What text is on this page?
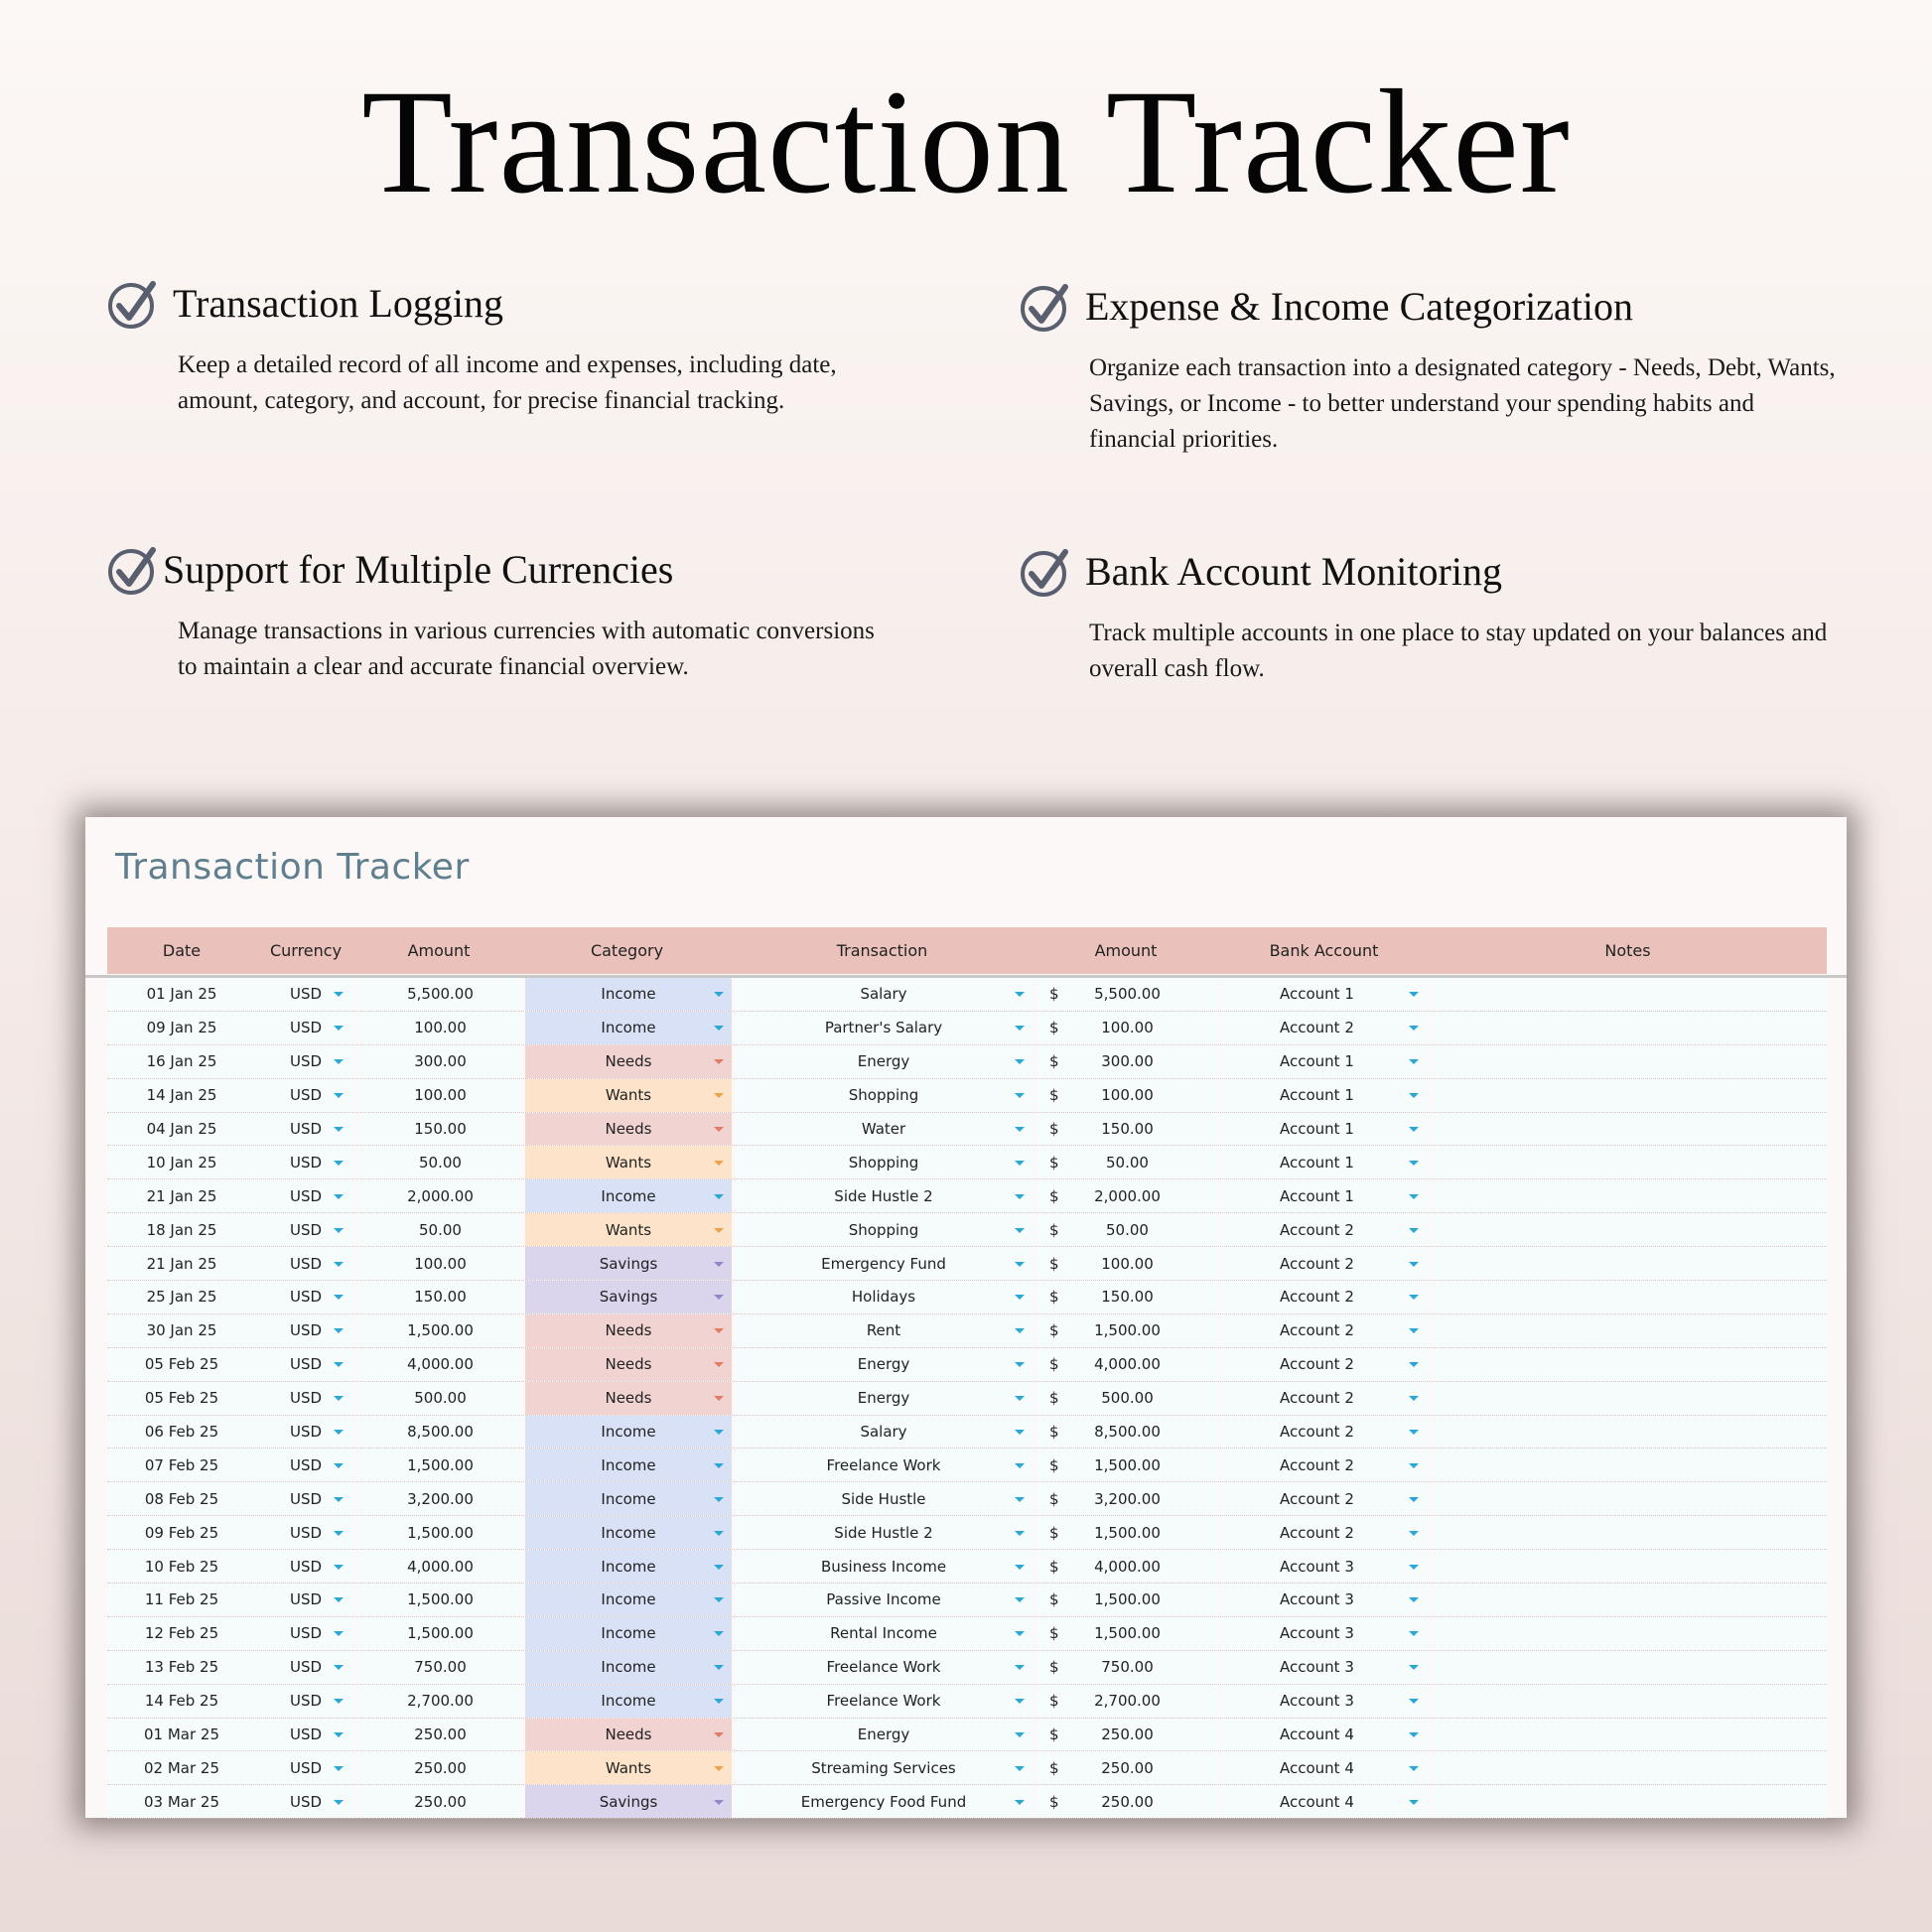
Transaction Tracker
Transaction Logging
Keep a detailed record of all income and expenses, including date, amount, category, and account, for precise financial tracking.
Expense & Income Categorization
Organize each transaction into a designated category - Needs, Debt, Wants, Savings, or Income - to better understand your spending habits and financial priorities.
Support for Multiple Currencies
Manage transactions in various currencies with automatic conversions to maintain a clear and accurate financial overview.
Bank Account Monitoring
Track multiple accounts in one place to stay updated on your balances and overall cash flow.
Transaction Tracker
Date	Currency	Amount	Category	Transaction	Amount	Bank Account	Notes
01 Jan 25	USD	5,500.00	Income	Salary	$ 5,500.00	Account 1
09 Jan 25	USD	100.00	Income	Partner's Salary	$	100.00	Account 2
16 Jan 25	USD	300.00	Needs	Energy	$	300.00	Account 1
14 Jan 25	USD	100.00	Wants	Shopping	$	100.00	Account 1
04 Jan 25	USD	150.00	Needs	Water	$	150.00	Account 1
10 Jan 25	USD	50.00	Wants	Shopping	$	50.00	Account 1
21 Jan 25	USD	2,000.00	Income	Side Hustle 2	$ 2,000.00	Account 1
18 Jan 25	USD	50.00	Wants	Shopping	$	50.00	Account 2
21 Jan 25	USD	100.00	Savings	Emergency Fund	$	100.00	Account 2
25 Jan 25	USD	150.00	Savings	Holidays	$	150.00	Account 2
30 Jan 25	USD	1,500.00	Needs	Rent	$ 1,500.00	Account 2
05 Feb 25	USD	4,000.00	Needs	Energy	$ 4,000.00	Account 2
05 Feb 25	USD	500.00	Needs	Energy	$	500.00	Account 2
06 Feb 25	USD	8,500.00	Income	Salary	$ 8,500.00	Account 2
07 Feb 25	USD	1,500.00	Income	Freelance Work	$ 1,500.00	Account 2
08 Feb 25	USD	3,200.00	Income	Side Hustle	$ 3,200.00	Account 2
09 Feb 25	USD	1,500.00	Income	Side Hustle 2	$ 1,500.00	Account 2
10 Feb 25	USD	4,000.00	Income	Business Income	$ 4,000.00	Account 3
11 Feb 25	USD	1,500.00	Income	Passive Income	$ 1,500.00	Account 3
12 Feb 25	USD	1,500.00	Income	Rental Income	$ 1,500.00	Account 3
13 Feb 25	USD	750.00	Income	Freelance Work	$	750.00	Account 3
14 Feb 25	USD	2,700.00	Income	Freelance Work	$ 2,700.00	Account 3
01 Mar 25	USD	250.00	Needs	Energy	$	250.00	Account 4
02 Mar 25	USD	250.00	Wants	Streaming Services	$	250.00	Account 4
03 Mar 25	USD	250.00	Savings	Emergency Food Fund	$	250.00	Account 4
